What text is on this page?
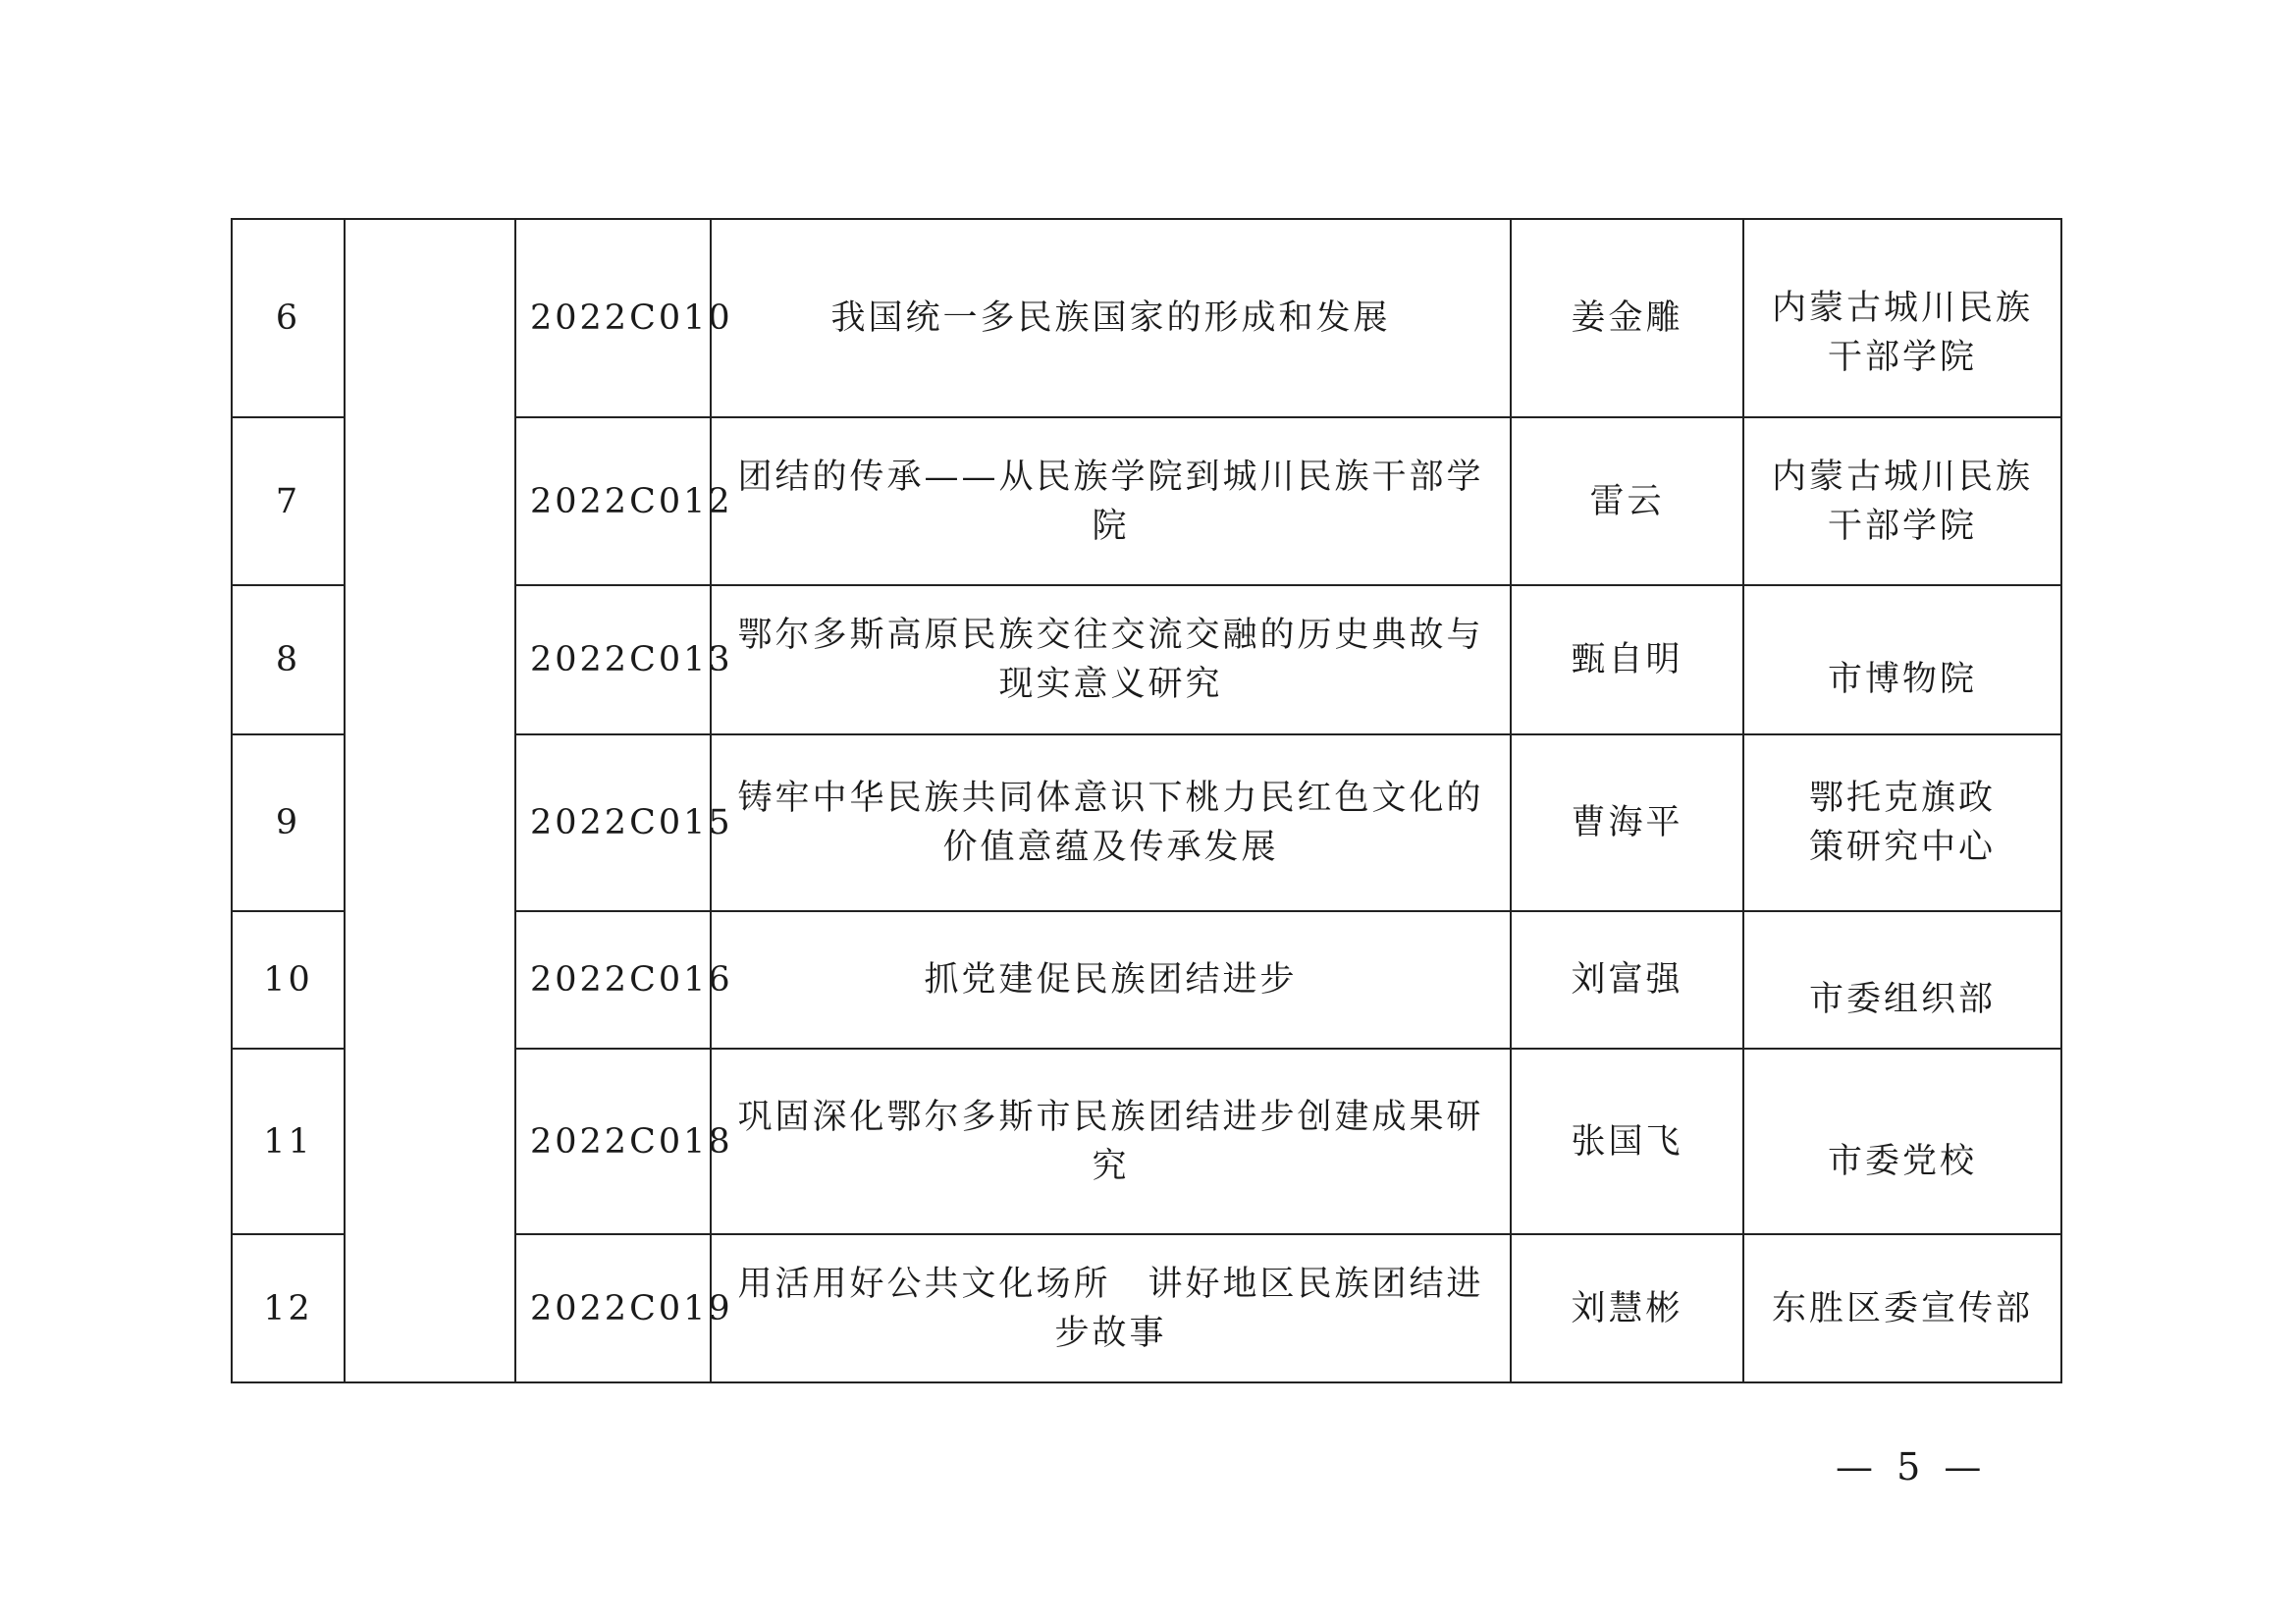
6		2022C010	我国统一多民族国家的形成和发展	姜金雕	内蒙古城川民族干部学院
7		2022C012	团结的传承——从民族学院到城川民族干部学院	雷云	内蒙古城川民族干部学院
8		2022C013	鄂尔多斯高原民族交往交流交融的历史典故与现实意义研究	甄自明	市博物院
9		2022C015	铸牢中华民族共同体意识下桃力民红色文化的价值意蕴及传承发展	曹海平	鄂托克旗政策研究中心
10		2022C016	抓党建促民族团结进步	刘富强	市委组织部
11		2022C018	巩固深化鄂尔多斯市民族团结进步创建成果研究	张国飞	市委党校
12		2022C019	用活用好公共文化场所　讲好地区民族团结进步故事	刘慧彬	东胜区委宣传部
— 5 —
